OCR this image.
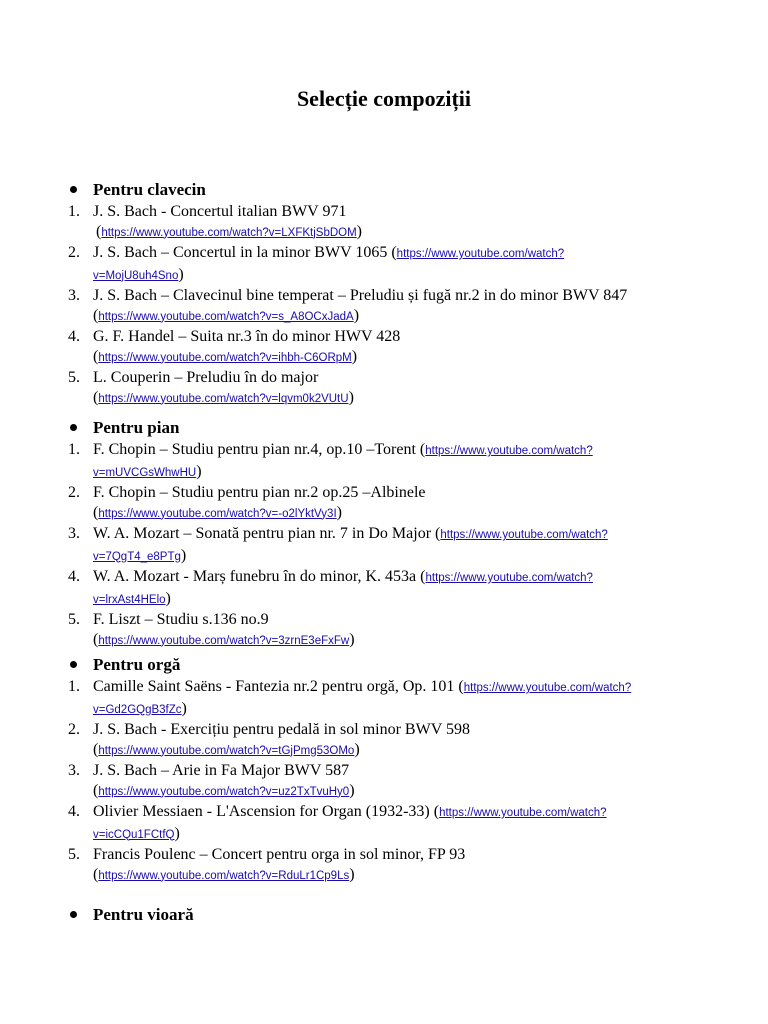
Selecție compoziții
Pentru clavecin
1. J. S. Bach - Concertul italian BWV 971
(https://www.youtube.com/watch?v=LXFKtjSbDOM)
2. J. S. Bach – Concertul in la minor BWV 1065 (https://www.youtube.com/watch?
v=MojU8uh4Sno)
3. J. S. Bach – Clavecinul bine temperat – Preludiu și fugă nr.2 in do minor BWV 847
(https://www.youtube.com/watch?v=s_A8OCxJadA)
4. G. F. Handel – Suita nr.3 în do minor HWV 428
(https://www.youtube.com/watch?v=ihbh-C6ORpM)
5. L. Couperin – Preludiu în do major
(https://www.youtube.com/watch?v=lqvm0k2VUtU)
Pentru pian
1. F. Chopin – Studiu pentru pian nr.4, op.10 –Torent (https://www.youtube.com/watch?
v=mUVCGsWhwHU)
2. F. Chopin – Studiu pentru pian nr.2 op.25 –Albinele
(https://www.youtube.com/watch?v=-o2lYktVy3I)
3. W. A. Mozart – Sonată pentru pian nr. 7 in Do Major (https://www.youtube.com/watch?
v=7QgT4_e8PTg)
4. W. A. Mozart - Marș funebru în do minor, K. 453a (https://www.youtube.com/watch?
v=lrxAst4HElo)
5. F. Liszt – Studiu s.136 no.9
(https://www.youtube.com/watch?v=3zrnE3eFxFw)
Pentru orgă
1. Camille Saint Saëns - Fantezia nr.2 pentru orgă, Op. 101 (https://www.youtube.com/watch?
v=Gd2GQgB3fZc)
2. J. S. Bach - Exercițiu pentru pedală in sol minor BWV 598
(https://www.youtube.com/watch?v=tGjPmg53OMo)
3. J. S. Bach – Arie in Fa Major BWV 587
(https://www.youtube.com/watch?v=uz2TxTvuHy0)
4. Olivier Messiaen - L'Ascension for Organ (1932-33) (https://www.youtube.com/watch?
v=icCQu1FCtfQ)
5. Francis Poulenc – Concert pentru orga in sol minor, FP 93
(https://www.youtube.com/watch?v=RduLr1Cp9Ls)
Pentru vioară
